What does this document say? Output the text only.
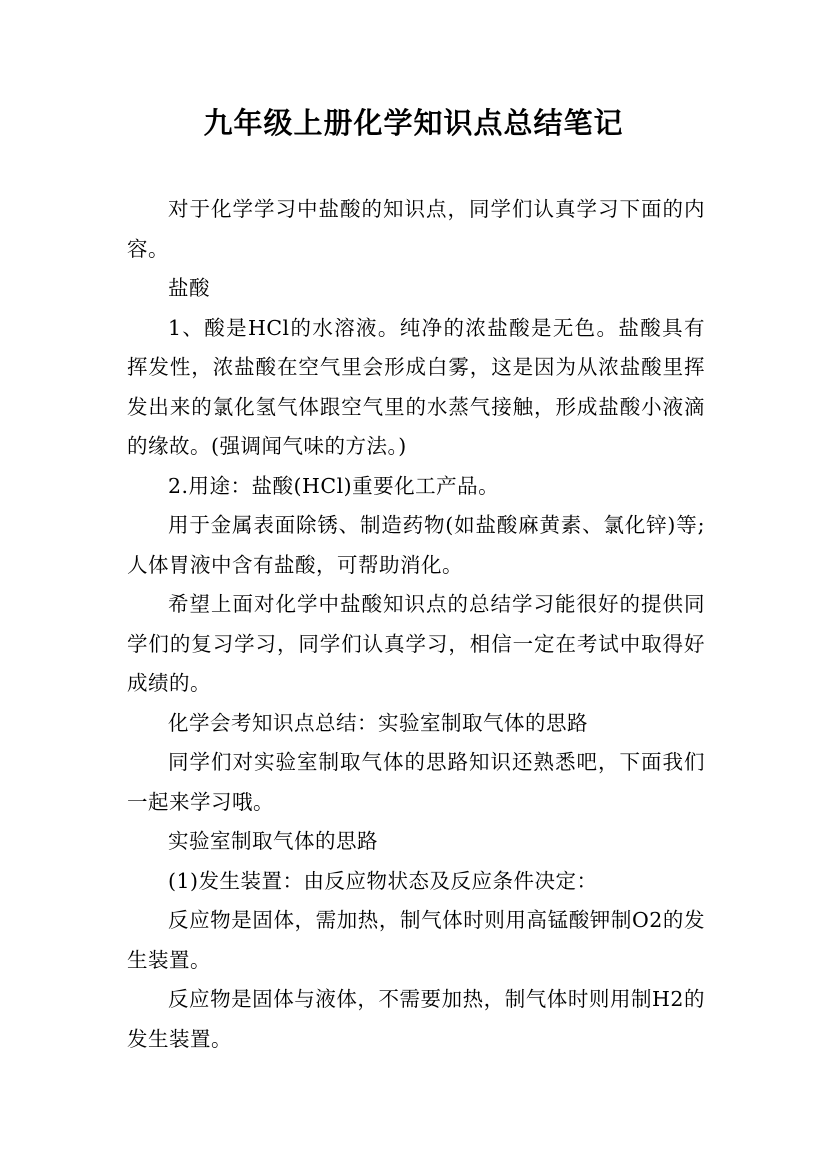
九年级上册化学知识点总结笔记

对于化学学习中盐酸的知识点，同学们认真学习下面的内容。

盐酸

1、酸是HCl的水溶液。纯净的浓盐酸是无色。盐酸具有挥发性，浓盐酸在空气里会形成白雾，这是因为从浓盐酸里挥发出来的氯化氢气体跟空气里的水蒸气接触，形成盐酸小液滴的缘故。(强调闻气味的方法。)

2.用途：盐酸(HCl)重要化工产品。

用于金属表面除锈、制造药物(如盐酸麻黄素、氯化锌)等;人体胃液中含有盐酸，可帮助消化。

希望上面对化学中盐酸知识点的总结学习能很好的提供同学们的复习学习，同学们认真学习，相信一定在考试中取得好成绩的。

化学会考知识点总结：实验室制取气体的思路

同学们对实验室制取气体的思路知识还熟悉吧，下面我们一起来学习哦。

实验室制取气体的思路

(1)发生装置：由反应物状态及反应条件决定：

反应物是固体，需加热，制气体时则用高锰酸钾制O2的发生装置。

反应物是固体与液体，不需要加热，制气体时则用制H2的发生装置。
